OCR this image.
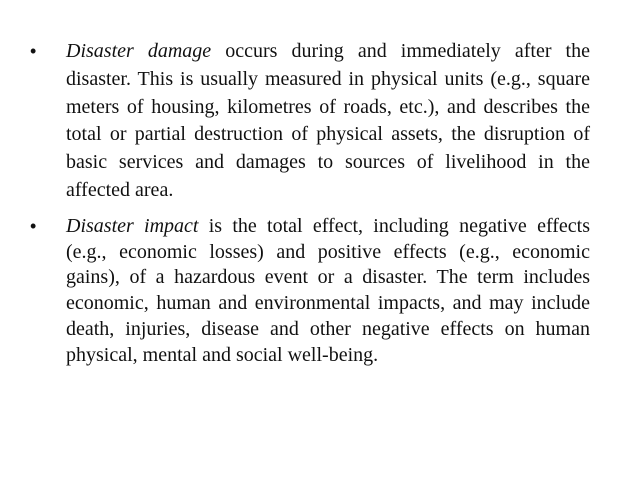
• Disaster damage occurs during and immediately after the disaster. This is usually measured in physical units (e.g., square meters of housing, kilometres of roads, etc.), and describes the total or partial destruction of physical assets, the disruption of basic services and damages to sources of livelihood in the affected area.
• Disaster impact is the total effect, including negative effects (e.g., economic losses) and positive effects (e.g., economic gains), of a hazardous event or a disaster. The term includes economic, human and environmental impacts, and may include death, injuries, disease and other negative effects on human physical, mental and social well-being.
